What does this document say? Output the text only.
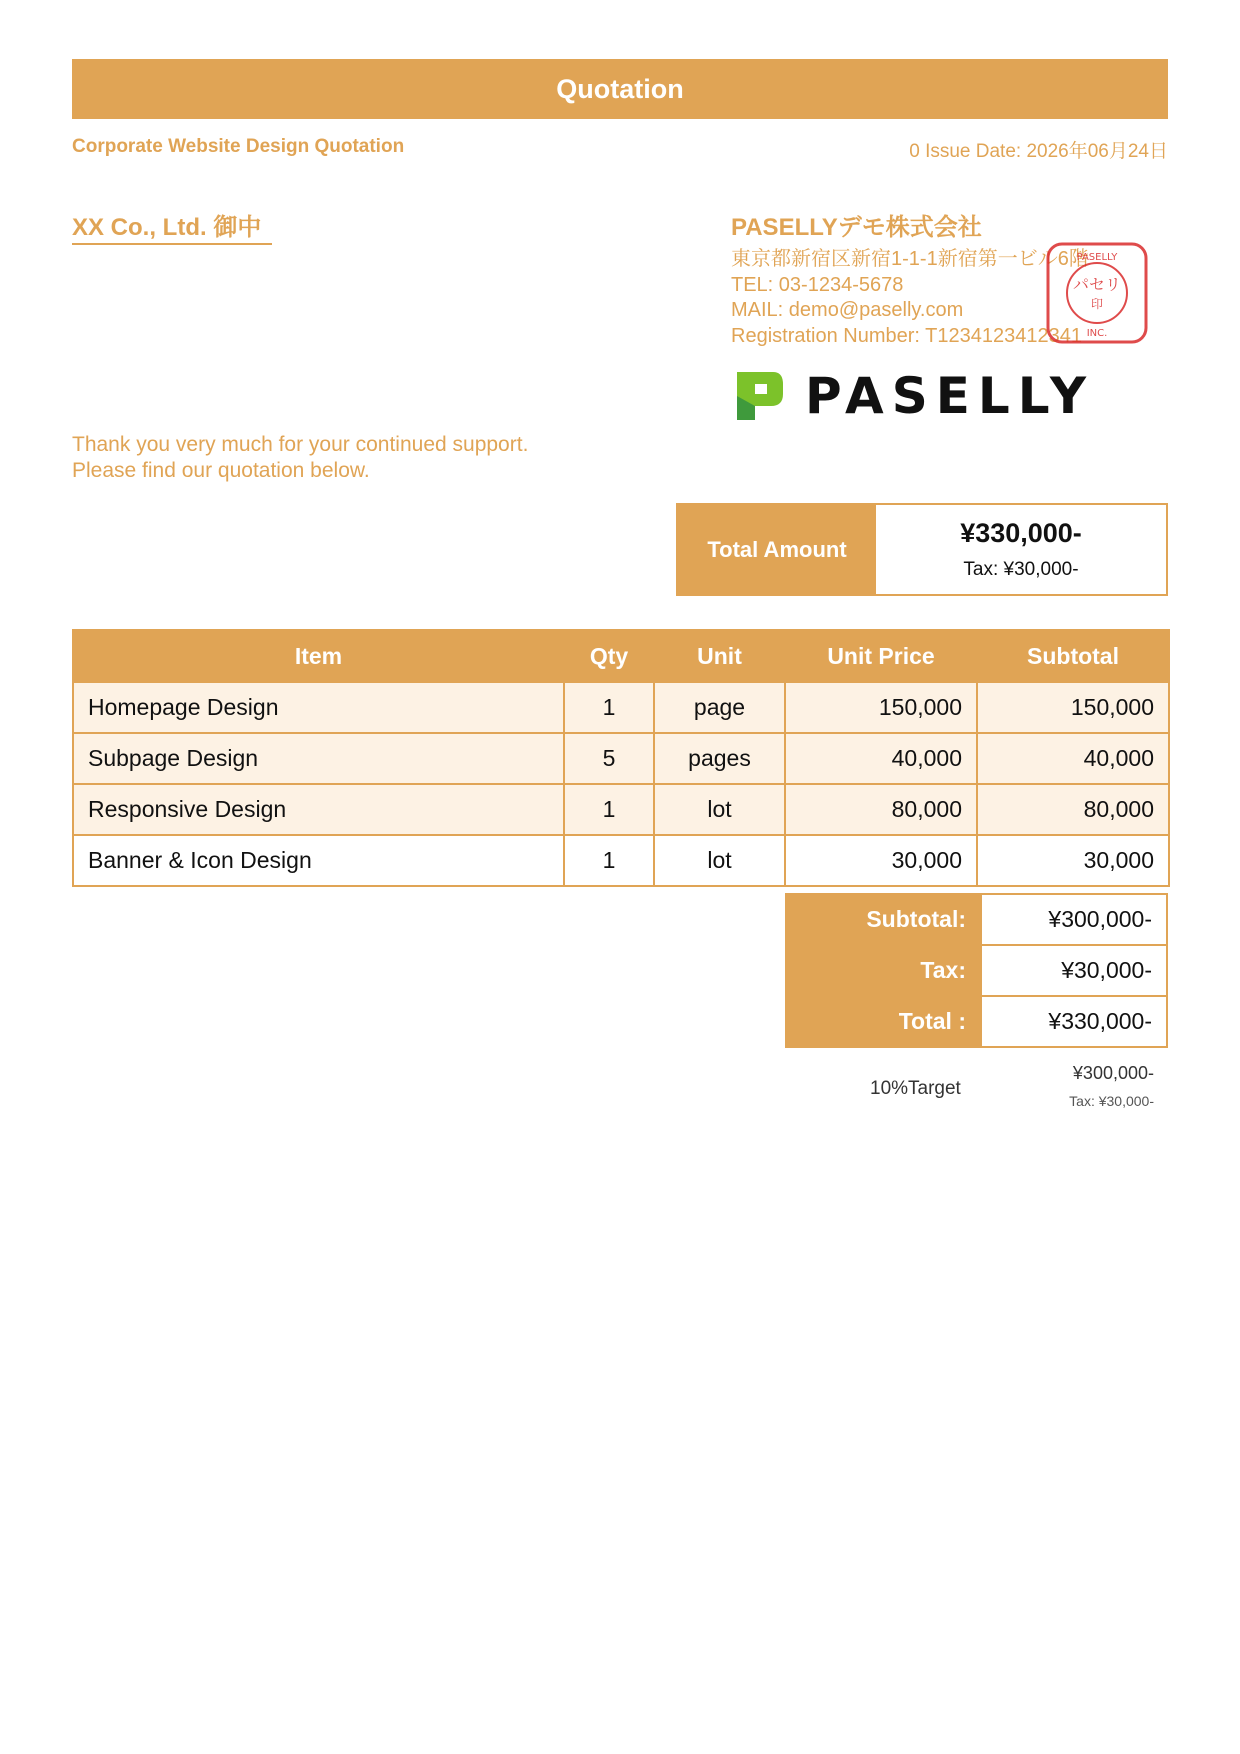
Quotation
Corporate Website Design Quotation	0 Issue Date: 2026年06月24日
XX Co., Ltd. 御中	PASELLYデモ株式会社
東京都新宿区新宿1-1-1新宿第一ビル6階
TEL: 03-1234-5678
MAIL: demo@paselly.com
Registration Number: T1234123412341
パセリ
印
PASELLY
INC.
PASELLY
Thank you very much for your continued support.
Please find our quotation below.
Total Amount
¥330,000-
Tax: ¥30,000-
Item	Qty	Unit	Unit Price	Subtotal
Homepage Design	1	page	150,000	150,000
Subpage Design	5	pages	40,000	40,000
Responsive Design	1	lot	80,000	80,000
Banner & Icon Design	1	lot	30,000	30,000
Subtotal:	¥300,000-
Tax:	¥30,000-
Total :	¥330,000-
10%Target
¥300,000-
Tax: ¥30,000-
